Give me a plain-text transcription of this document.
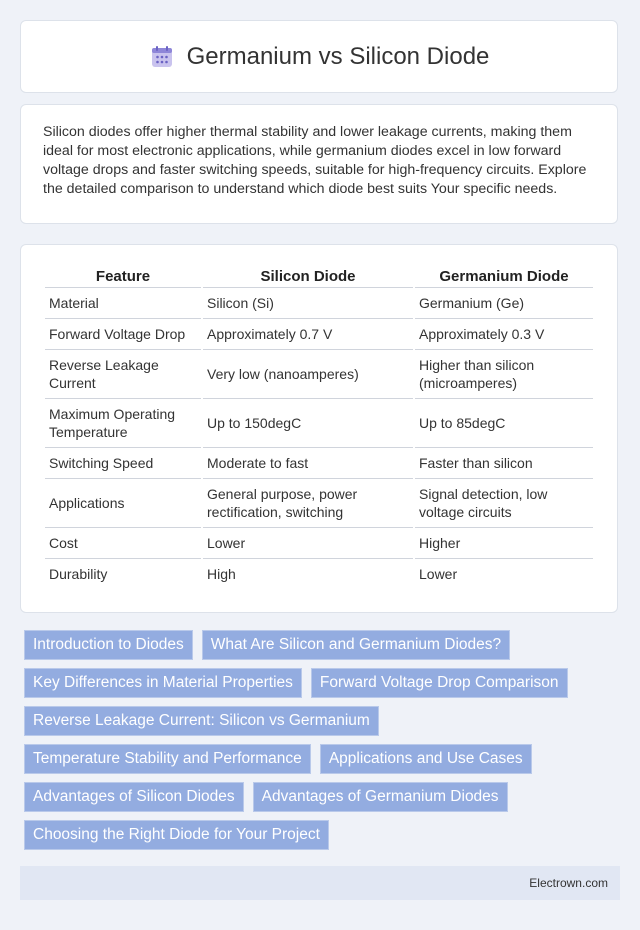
Germanium vs Silicon Diode

Silicon diodes offer higher thermal stability and lower leakage currents, making them ideal for most electronic applications, while germanium diodes excel in low forward voltage drops and faster switching speeds, suitable for high-frequency circuits. Explore the detailed comparison to understand which diode best suits Your specific needs.

Feature	Silicon Diode	Germanium Diode
Material	Silicon (Si)	Germanium (Ge)
Forward Voltage Drop	Approximately 0.7 V	Approximately 0.3 V
Reverse Leakage Current	Very low (nanoamperes)	Higher than silicon (microamperes)
Maximum Operating Temperature	Up to 150degC	Up to 85degC
Switching Speed	Moderate to fast	Faster than silicon
Applications	General purpose, power rectification, switching	Signal detection, low voltage circuits
Cost	Lower	Higher
Durability	High	Lower
Introduction to Diodes	What Are Silicon and Germanium Diodes?
Key Differences in Material Properties	Forward Voltage Drop Comparison
Reverse Leakage Current: Silicon vs Germanium
Temperature Stability and Performance	Applications and Use Cases
Advantages of Silicon Diodes	Advantages of Germanium Diodes
Choosing the Right Diode for Your Project
Electrown.com
